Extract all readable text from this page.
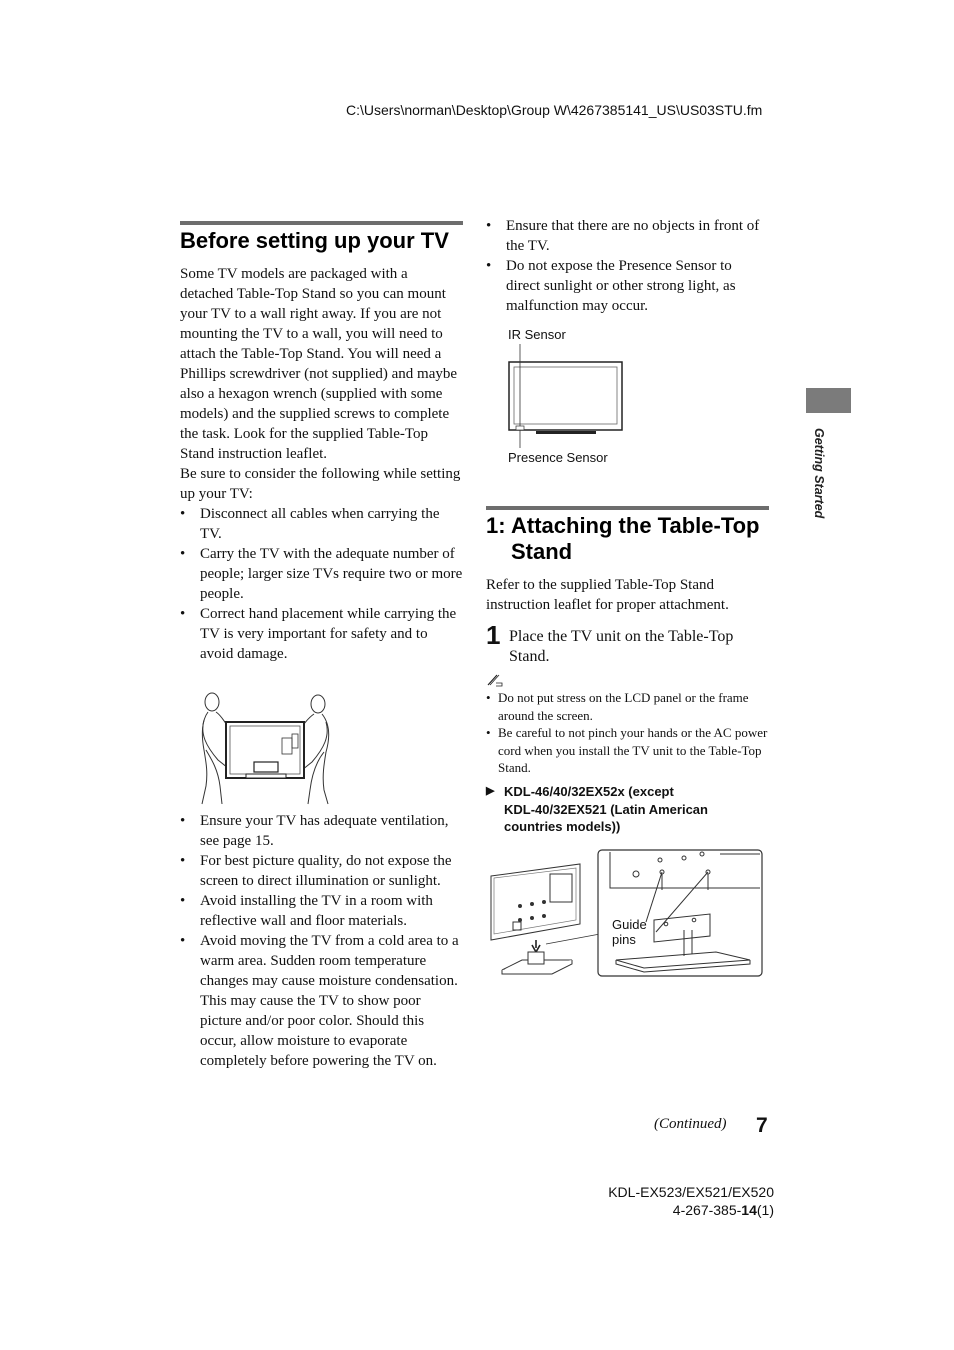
C:\Users\norman\Desktop\Group W\4267385141_US\US03STU.fm
Getting Started
Before setting up your TV

Some TV models are packaged with a detached Table-Top Stand so you can mount your TV to a wall right away. If you are not mounting the TV to a wall, you will need to attach the Table-Top Stand. You will need a Phillips screwdriver (not supplied) and maybe also a hexagon wrench (supplied with some models) and the supplied screws to complete the task. Look for the supplied Table-Top Stand instruction leaflet.

Be sure to consider the following while setting up your TV:

• Disconnect all cables when carrying the TV.
• Carry the TV with the adequate number of people; larger size TVs require two or more people.
• Correct hand placement while carrying the TV is very important for safety and to avoid damage.
• Ensure your TV has adequate ventilation, see page 15.
• For best picture quality, do not expose the screen to direct illumination or sunlight.
• Avoid installing the TV in a room with reflective wall and floor materials.
• Avoid moving the TV from a cold area to a warm area. Sudden room temperature changes may cause moisture condensation. This may cause the TV to show poor picture and/or poor color. Should this occur, allow moisture to evaporate completely before powering the TV on.
• Ensure that there are no objects in front of the TV.
• Do not expose the Presence Sensor to direct sunlight or other strong light, as malfunction may occur.
IR Sensor
Presence Sensor
1: Attaching the Table-Top
Stand
Refer to the supplied Table-Top Stand instruction leaflet for proper attachment.
1 Place the TV unit on the Table-Top Stand.
• Do not put stress on the LCD panel or the frame around the screen.
• Be careful to not pinch your hands or the AC power cord when you install the TV unit to the Table-Top Stand.
▶ KDL-46/40/32EX52x (except
KDL-40/32EX521 (Latin American
countries models))
Guide
pins
(Continued) 7
KDL-EX523/EX521/EX520
4-267-385-14(1)
